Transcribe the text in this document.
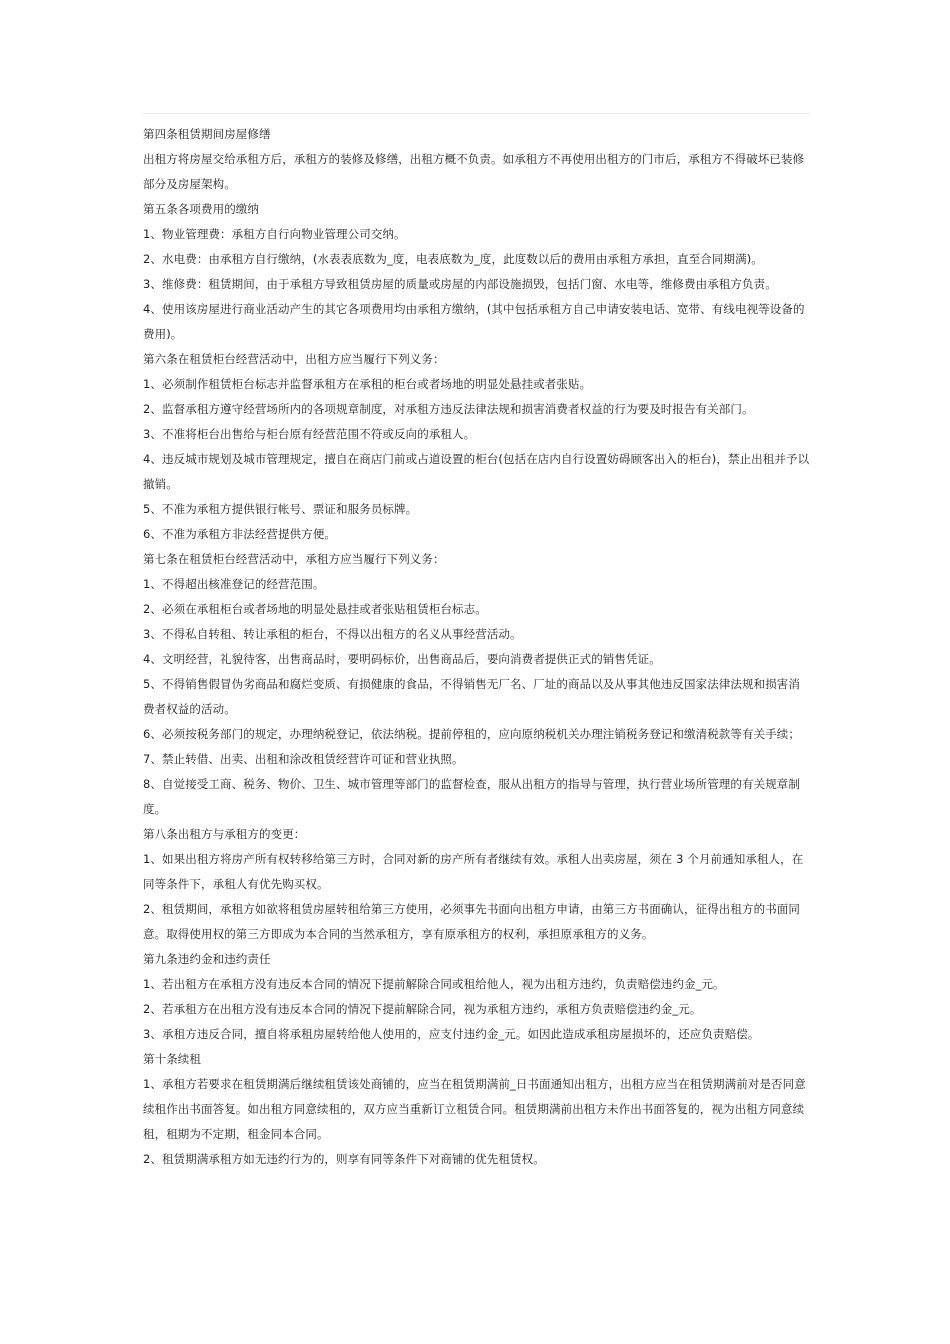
第四条租赁期间房屋修缮

出租方将房屋交给承租方后，承租方的装修及修缮，出租方概不负责。如承租方不再使用出租方的门市后，承租方不得破坏已装修部分及房屋架构。

第五条各项费用的缴纳

1、物业管理费：承租方自行向物业管理公司交纳。

2、水电费：由承租方自行缴纳，(水表表底数为_度，电表底数为_度，此度数以后的费用由承租方承担，直至合同期满)。

3、维修费：租赁期间，由于承租方导致租赁房屋的质量或房屋的内部设施损毁，包括门窗、水电等，维修费由承租方负责。

4、使用该房屋进行商业活动产生的其它各项费用均由承租方缴纳，(其中包括承租方自己申请安装电话、宽带、有线电视等设备的费用)。

第六条在租赁柜台经营活动中，出租方应当履行下列义务：

1、必须制作租赁柜台标志并监督承租方在承租的柜台或者场地的明显处悬挂或者张贴。

2、监督承租方遵守经营场所内的各项规章制度，对承租方违反法律法规和损害消费者权益的行为要及时报告有关部门。

3、不准将柜台出售给与柜台原有经营范围不符或反向的承租人。

4、违反城市规划及城市管理规定，擅自在商店门前或占道设置的柜台(包括在店内自行设置妨碍顾客出入的柜台)，禁止出租并予以撤销。

5、不准为承租方提供银行帐号、票证和服务员标牌。

6、不准为承租方非法经营提供方便。

第七条在租赁柜台经营活动中，承租方应当履行下列义务：

1、不得超出核准登记的经营范围。

2、必须在承租柜台或者场地的明显处悬挂或者张贴租赁柜台标志。

3、不得私自转租、转让承租的柜台，不得以出租方的名义从事经营活动。

4、文明经营，礼貌待客，出售商品时，要明码标价，出售商品后，要向消费者提供正式的销售凭证。

5、不得销售假冒伪劣商品和腐烂变质、有损健康的食品，不得销售无厂名、厂址的商品以及从事其他违反国家法律法规和损害消费者权益的活动。

6、必须按税务部门的规定，办理纳税登记，依法纳税。提前停租的，应向原纳税机关办理注销税务登记和缴清税款等有关手续；

7、禁止转借、出卖、出租和涂改租赁经营许可证和营业执照。

8、自觉接受工商、税务、物价、卫生、城市管理等部门的监督检查，服从出租方的指导与管理，执行营业场所管理的有关规章制度。

第八条出租方与承租方的变更：

1、如果出租方将房产所有权转移给第三方时，合同对新的房产所有者继续有效。承租人出卖房屋，须在 3 个月前通知承租人，在同等条件下，承租人有优先购买权。

2、租赁期间，承租方如欲将租赁房屋转租给第三方使用，必须事先书面向出租方申请，由第三方书面确认，征得出租方的书面同意。取得使用权的第三方即成为本合同的当然承租方，享有原承租方的权利，承担原承租方的义务。

第九条违约金和违约责任

1、若出租方在承租方没有违反本合同的情况下提前解除合同或租给他人，视为出租方违约，负责赔偿违约金_元。

2、若承租方在出租方没有违反本合同的情况下提前解除合同，视为承租方违约，承租方负责赔偿违约金_元。

3、承租方违反合同，擅自将承租房屋转给他人使用的，应支付违约金_元。如因此造成承租房屋损坏的，还应负责赔偿。

第十条续租

1、承租方若要求在租赁期满后继续租赁该处商铺的，应当在租赁期满前_日书面通知出租方，出租方应当在租赁期满前对是否同意续租作出书面答复。如出租方同意续租的，双方应当重新订立租赁合同。租赁期满前出租方未作出书面答复的，视为出租方同意续租，租期为不定期，租金同本合同。

2、租赁期满承租方如无违约行为的，则享有同等条件下对商铺的优先租赁权。
